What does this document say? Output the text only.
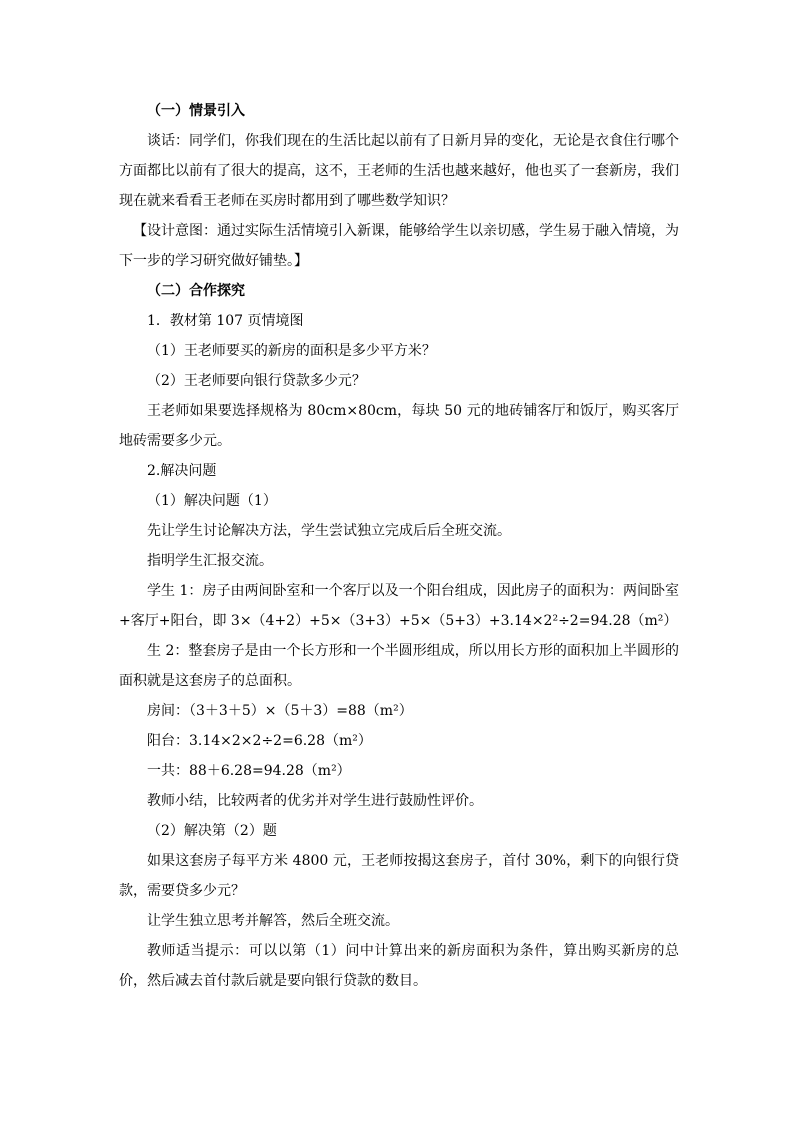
（一）情景引入

谈话：同学们，你我们现在的生活比起以前有了日新月异的变化，无论是衣食住行哪个方面都比以前有了很大的提高，这不，王老师的生活也越来越好，他也买了一套新房，我们现在就来看看王老师在买房时都用到了哪些数学知识？

【设计意图：通过实际生活情境引入新课，能够给学生以亲切感，学生易于融入情境，为下一步的学习研究做好铺垫。】

（二）合作探究

1．教材第 107 页情境图

（1）王老师要买的新房的面积是多少平方米？

（2）王老师要向银行贷款多少元？

王老师如果要选择规格为 80cm×80cm，每块 50 元的地砖铺客厅和饭厅，购买客厅地砖需要多少元。

2.解决问题

（1）解决问题（1）

先让学生讨论解决方法，学生尝试独立完成后后全班交流。

指明学生汇报交流。

学生 1：房子由两间卧室和一个客厅以及一个阳台组成，因此房子的面积为：两间卧室+客厅+阳台，即 3×（4+2）+5×（3+3）+5×（5+3）+3.14×2²÷2=94.28（m²）

生 2：整套房子是由一个长方形和一个半圆形组成，所以用长方形的面积加上半圆形的面积就是这套房子的总面积。

房间：（3＋3＋5）×（5＋3）=88（m²）

阳台：3.14×2×2÷2=6.28（m²）

一共：88＋6.28=94.28（m²）

教师小结，比较两者的优劣并对学生进行鼓励性评价。

（2）解决第（2）题

如果这套房子每平方米 4800 元，王老师按揭这套房子，首付 30%，剩下的向银行贷款，需要贷多少元？

让学生独立思考并解答，然后全班交流。

教师适当提示：可以以第（1）问中计算出来的新房面积为条件，算出购买新房的总价，然后减去首付款后就是要向银行贷款的数目。
